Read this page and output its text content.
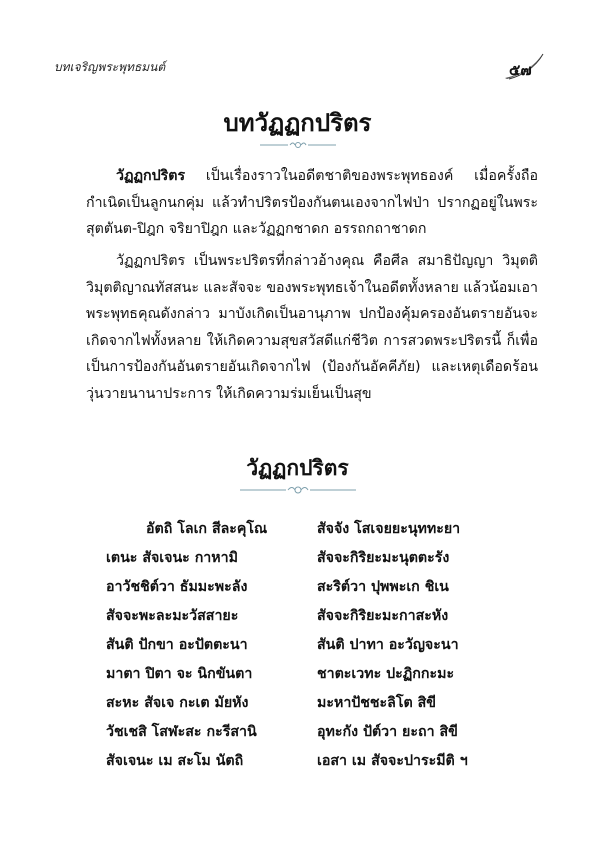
บทเจริญพระพุทธมนต์	๕๗
บทวัฏฏกปริตร

วัฏฏกปริตร เป็นเรื่องราวในอดีตชาติของพระพุทธองค์ เมื่อครั้งถือกำเนิดเป็นลูกนกคุ่ม แล้วทำปริตรป้องกันตนเองจากไฟป่า ปรากฏอยู่ในพระสุตตันต-ปิฎก จริยาปิฎก และวัฏฏกชาดก อรรถกถาชาดก

วัฏฏกปริตร เป็นพระปริตรที่กล่าวอ้างคุณ คือศีล สมาธิปัญญา วิมุตติ วิมุตติญาณทัสสนะ และสัจจะ ของพระพุทธเจ้าในอดีตทั้งหลาย แล้วน้อมเอาพระพุทธคุณดังกล่าว มาบังเกิดเป็นอานุภาพ ปกป้องคุ้มครองอันตรายอันจะเกิดจากไฟทั้งหลาย ให้เกิดความสุขสวัสดีแก่ชีวิต การสวดพระปริตรนี้ ก็เพื่อเป็นการป้องกันอันตรายอันเกิดจากไฟ (ป้องกันอัคคีภัย) และเหตุเดือดร้อนวุ่นวายนานาประการ ให้เกิดความร่มเย็นเป็นสุข

วัฏฏกปริตร
อัตถิ โลเก สีละคุโณ	สัจจัง โสเจยยะนุททะยา
เตนะ สัจเจนะ กาหามิ	สัจจะกิริยะมะนุตตะรัง
อาวัชชิต์วา ธัมมะพะลัง	สะริต์วา ปุพพะเก ชิเน
สัจจะพะละมะวัสสายะ	สัจจะกิริยะมะกาสะหัง
สันติ ปักขา อะปัตตะนา	สันติ ปาทา อะวัญจะนา
มาตา ปิตา จะ นิกขันตา	ชาตะเวทะ ปะฏิกกะมะ
สะหะ สัจเจ กะเต มัยหัง	มะหาปัชชะลิโต สิขี
วัชเชสิ โสฬะสะ กะรีสานิ	อุทะกัง ปัต์วา ยะถา สิขี
สัจเจนะ เม สะโม นัตถิ	เอสา เม สัจจะปาระมีติ ฯ
